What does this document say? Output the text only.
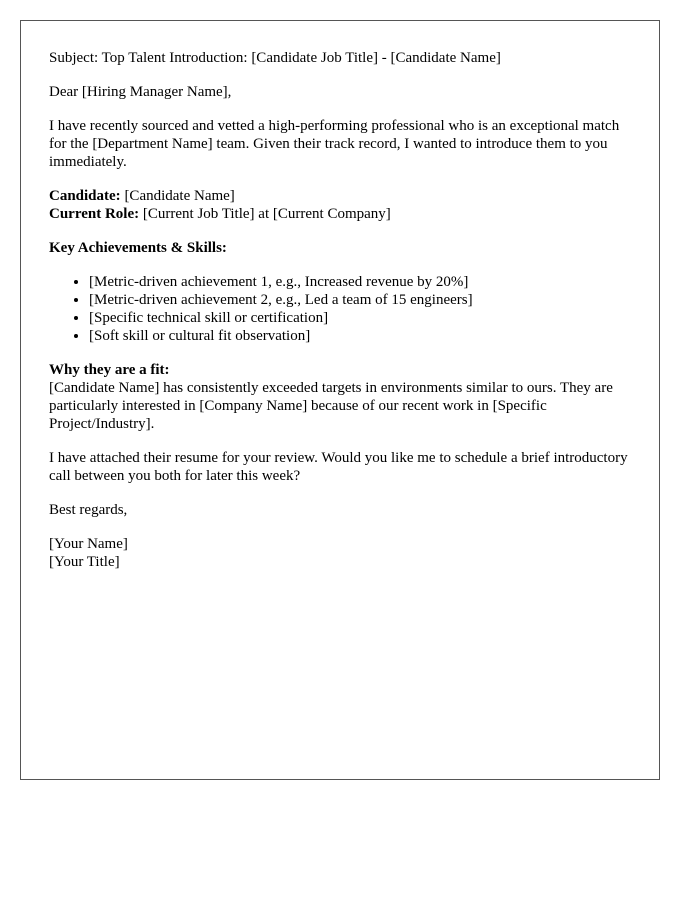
Subject: Top Talent Introduction: [Candidate Job Title] - [Candidate Name]

Dear [Hiring Manager Name],

I have recently sourced and vetted a high-performing professional who is an exceptional match for the [Department Name] team. Given their track record, I wanted to introduce them to you immediately.

Candidate: [Candidate Name]
Current Role: [Current Job Title] at [Current Company]

Key Achievements & Skills:

• [Metric-driven achievement 1, e.g., Increased revenue by 20%]
• [Metric-driven achievement 2, e.g., Led a team of 15 engineers]
• [Specific technical skill or certification]
• [Soft skill or cultural fit observation]
Why they are a fit:
[Candidate Name] has consistently exceeded targets in environments similar to ours. They are particularly interested in [Company Name] because of our recent work in [Specific Project/Industry].

I have attached their resume for your review. Would you like me to schedule a brief introductory call between you both for later this week?

Best regards,

[Your Name]
[Your Title]
